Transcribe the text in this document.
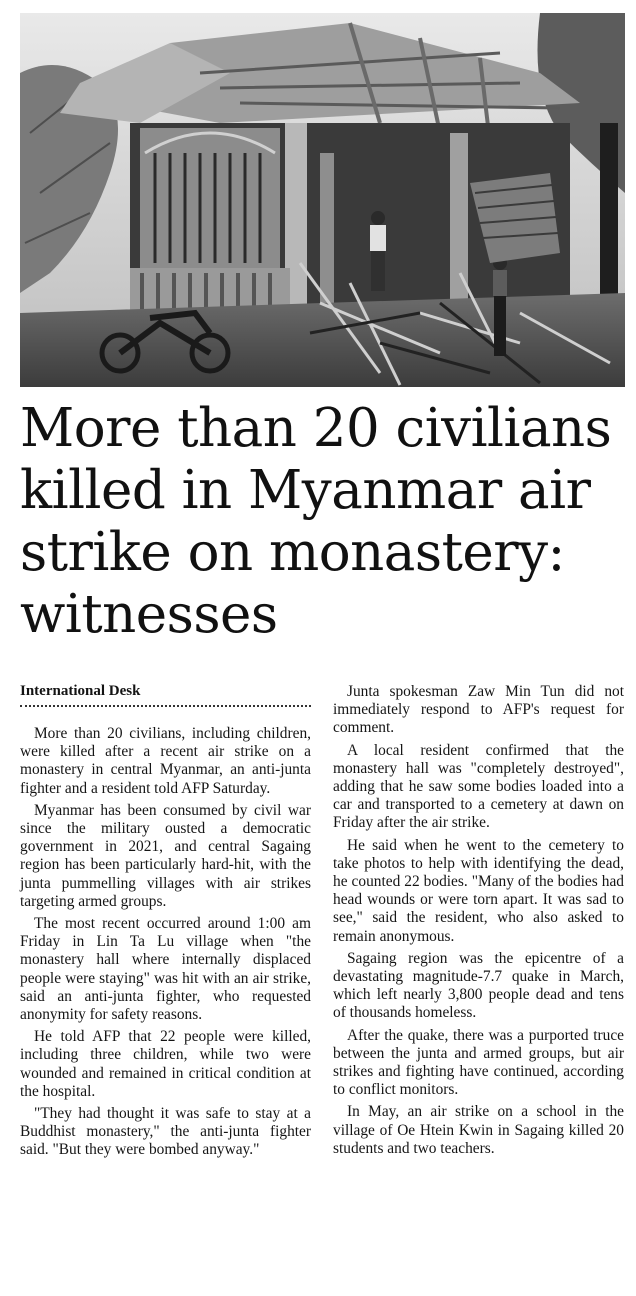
More than 20 civilians killed in Myanmar air strike on monastery: witnesses
International Desk

More than 20 civilians, including children, were killed after a recent air strike on a monastery in central Myanmar, an anti-junta fighter and a resident told AFP Saturday.

Myanmar has been consumed by civil war since the military ousted a democratic government in 2021, and central Sagaing region has been particularly hard-hit, with the junta pummelling villages with air strikes targeting armed groups.

The most recent occurred around 1:00 am Friday in Lin Ta Lu village when "the monastery hall where internally displaced people were staying" was hit with an air strike, said an anti-junta fighter, who requested anonymity for safety reasons.

He told AFP that 22 people were killed, including three children, while two were wounded and remained in critical condition at the hospital.

"They had thought it was safe to stay at a Buddhist monastery," the anti-junta fighter said. "But they were bombed anyway."

Junta spokesman Zaw Min Tun did not immediately respond to AFP's request for comment.

A local resident confirmed that the monastery hall was "completely destroyed", adding that he saw some bodies loaded into a car and transported to a cemetery at dawn on Friday after the air strike.

He said when he went to the cemetery to take photos to help with identifying the dead, he counted 22 bodies. "Many of the bodies had head wounds or were torn apart. It was sad to see," said the resident, who also asked to remain anonymous.

Sagaing region was the epicentre of a devastating magnitude-7.7 quake in March, which left nearly 3,800 people dead and tens of thousands homeless.

After the quake, there was a purported truce between the junta and armed groups, but air strikes and fighting have continued, according to conflict monitors.

In May, an air strike on a school in the village of Oe Htein Kwin in Sagaing killed 20 students and two teachers.
